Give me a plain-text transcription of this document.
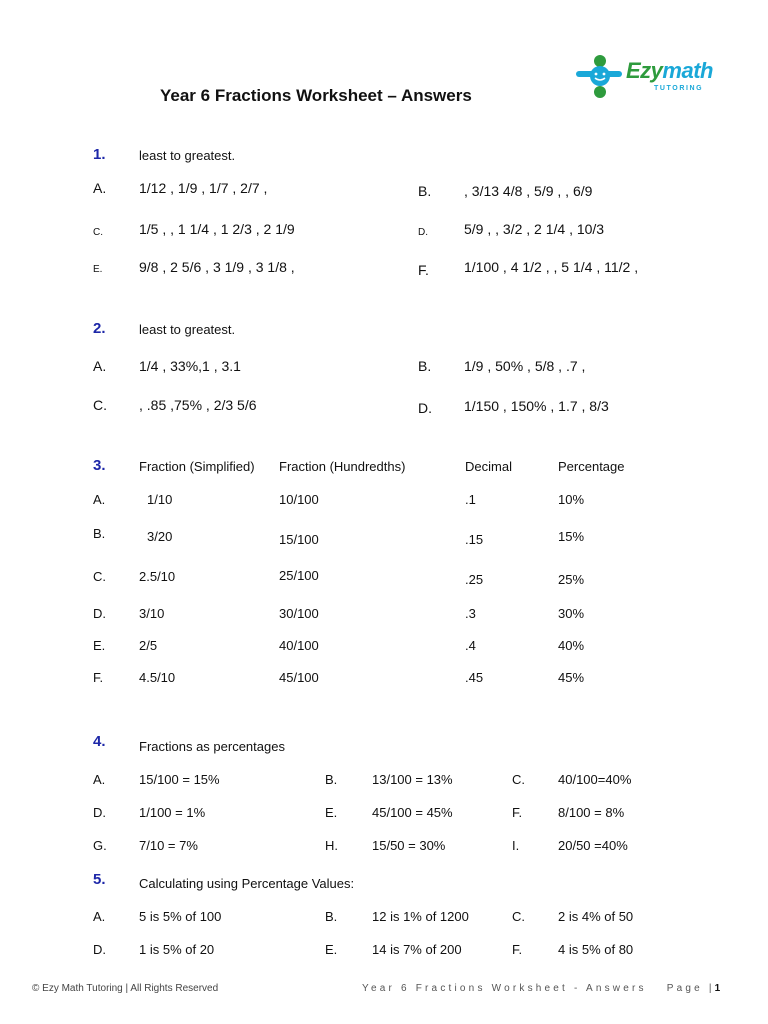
Year 6 Fractions Worksheet – Answers
Ezymath
TUTORING
1.	least to greatest.
A. 1/12 , 1/9 , 1/7 , 2/7 ,	B. , 3/13 4/8 , 5/9 , , 6/9
C.	1/5 , , 1 1/4 , 1 2/3 , 2 1/9	D.	5/9 , , 3/2 , 2 1/4 , 10/3
E.	9/8 , 2 5/6 , 3 1/9 , 3 1/8 ,	F.	1/100 , 4 1/2 , , 5 1/4 , 11/2 ,
2.	least to greatest.
A. 1/4 , 33%,1 , 3.1	B. 1/9 , 50% , 5/8 , .7 ,
C. , .85 ,75% , 2/3 5/6	D. 1/150 , 150% , 1.7 , 8/3
3.	Fraction (Simplified) Fraction (Hundredths)	Decimal	Percentage
A.	1/10	10/100	.1	10%
B.	3/20	15/100	.15	15%
C.	2.5/10	25/100	.25	25%
D.	3/10	30/100	.3	30%
E.	2/5	40/100	.4	40%
F.	4.5/10	45/100	.45	45%
4.	Fractions as percentages
A.	15/100 = 15%	B.	13/100 = 13%	C.	40/100=40%
D.	1/100 = 1%	E.	45/100 = 45%	F.	8/100 = 8%
G. 7/10 = 7%	H.	15/50 = 30%	I.	20/50 =40%
5.	Calculating using Percentage Values:
A.	5 is 5% of 100	B.	12 is 1% of 1200	C.	2 is 4% of 50
D.	1 is 5% of 20	E.	14 is 7% of 200	F.	4 is 5% of 80
© Ezy Math Tutoring | All Rights Reserved	Year 6 Fractions Worksheet - Answers Page |1
